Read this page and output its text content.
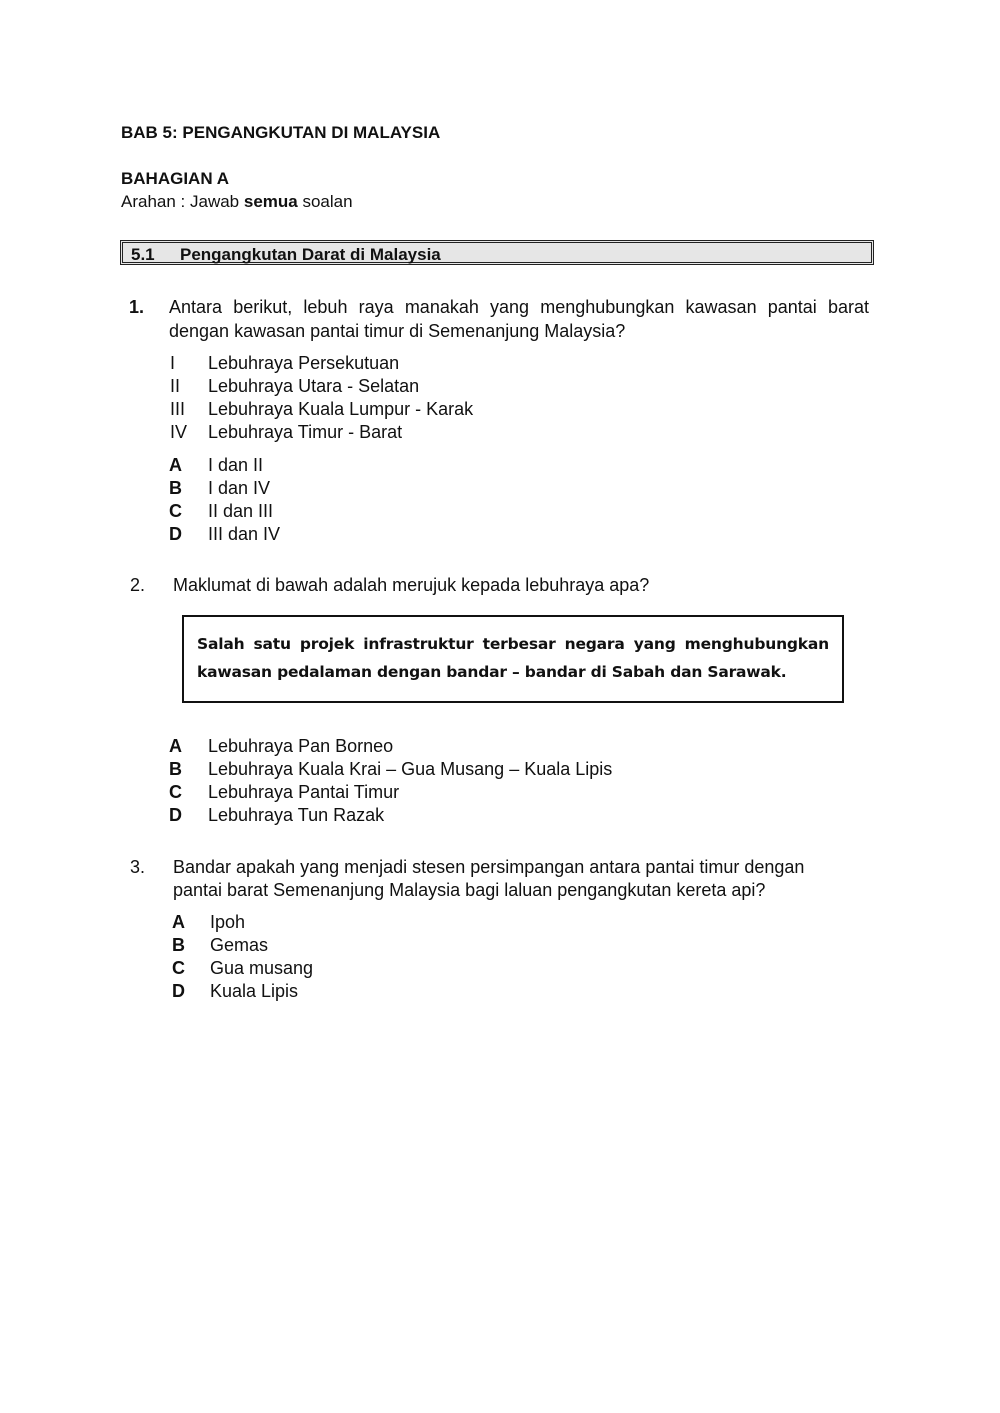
BAB 5: PENGANGKUTAN DI MALAYSIA
BAHAGIAN A
Arahan : Jawab semua soalan
5.1 Pengangkutan Darat di Malaysia
1. Antara berikut, lebuh raya manakah yang menghubungkan kawasan pantai barat dengan kawasan pantai timur di Semenanjung Malaysia?
I Lebuhraya Persekutuan
II Lebuhraya Utara - Selatan
III Lebuhraya Kuala Lumpur - Karak
IV Lebuhraya Timur - Barat
A I dan II
B I dan IV
C II dan III
D III dan IV
2. Maklumat di bawah adalah merujuk kepada lebuhraya apa?
Salah satu projek infrastruktur terbesar negara yang menghubungkan kawasan pedalaman dengan bandar – bandar di Sabah dan Sarawak.
A Lebuhraya Pan Borneo
B Lebuhraya Kuala Krai – Gua Musang – Kuala Lipis
C Lebuhraya Pantai Timur
D Lebuhraya Tun Razak
3. Bandar apakah yang menjadi stesen persimpangan antara pantai timur dengan
pantai barat Semenanjung Malaysia bagi laluan pengangkutan kereta api?
A Ipoh
B Gemas
C Gua musang
D Kuala Lipis
